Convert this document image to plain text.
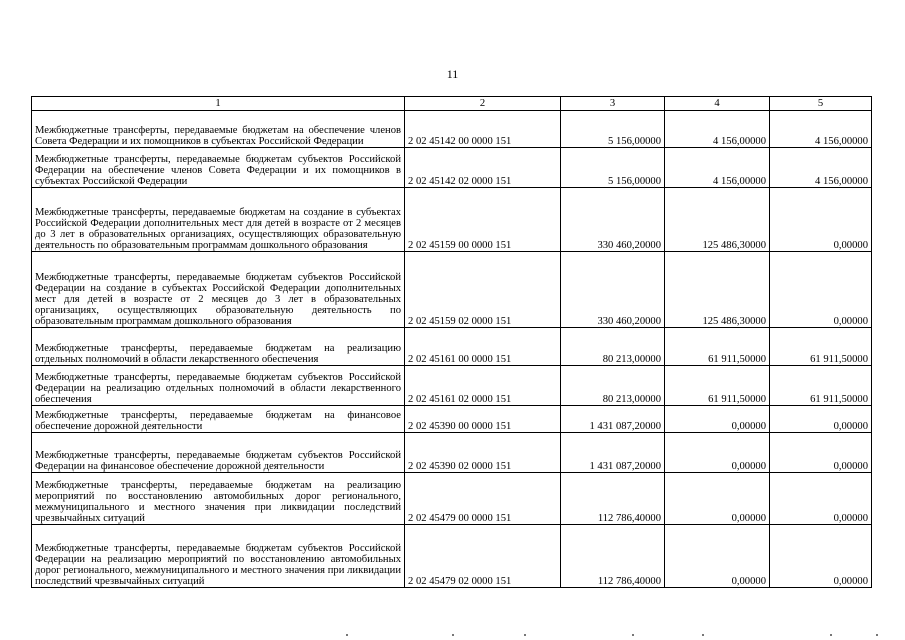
11
1	2	3	4	5
Межбюджетные трансферты, передаваемые бюджетам на обеспечение членов Совета Федерации и их помощников в субъектах Российской Федерации	2 02 45142 00 0000 151	5 156,00000	4 156,00000	4 156,00000
Межбюджетные трансферты, передаваемые бюджетам субъектов Российской Федерации на обеспечение членов Совета Федерации и их помощников в субъектах Российской Федерации	2 02 45142 02 0000 151	5 156,00000	4 156,00000	4 156,00000
Межбюджетные трансферты, передаваемые бюджетам на создание в субъектах Российской Федерации дополнительных мест для детей в возрасте от 2 месяцев до 3 лет в образовательных организациях, осуществляющих образовательную деятельность по образовательным программам дошкольного образования	2 02 45159 00 0000 151	330 460,20000	125 486,30000	0,00000
Межбюджетные трансферты, передаваемые бюджетам субъектов Российской Федерации на создание в субъектах Российской Федерации дополнительных мест для детей в возрасте от 2 месяцев до 3 лет в образовательных организациях, осуществляющих образовательную деятельность по образовательным программам дошкольного образования	2 02 45159 02 0000 151	330 460,20000	125 486,30000	0,00000
Межбюджетные трансферты, передаваемые бюджетам на реализацию отдельных полномочий в области лекарственного обеспечения	2 02 45161 00 0000 151	80 213,00000	61 911,50000	61 911,50000
Межбюджетные трансферты, передаваемые бюджетам субъектов Российской Федерации на реализацию отдельных полномочий в области лекарственного обеспечения	2 02 45161 02 0000 151	80 213,00000	61 911,50000	61 911,50000
Межбюджетные трансферты, передаваемые бюджетам на финансовое обеспечение дорожной деятельности	2 02 45390 00 0000 151	1 431 087,20000	0,00000	0,00000
Межбюджетные трансферты, передаваемые бюджетам субъектов Российской Федерации на финансовое обеспечение дорожной деятельности	2 02 45390 02 0000 151	1 431 087,20000	0,00000	0,00000
Межбюджетные трансферты, передаваемые бюджетам на реализацию мероприятий по восстановлению автомобильных дорог регионального, межмуниципального и местного значения при ликвидации последствий чрезвычайных ситуаций	2 02 45479 00 0000 151	112 786,40000	0,00000	0,00000
Межбюджетные трансферты, передаваемые бюджетам субъектов Российской Федерации на реализацию мероприятий по восстановлению автомобильных дорог регионального, межмуниципального и местного значения при ликвидации последствий чрезвычайных ситуаций	2 02 45479 02 0000 151	112 786,40000	0,00000	0,00000
